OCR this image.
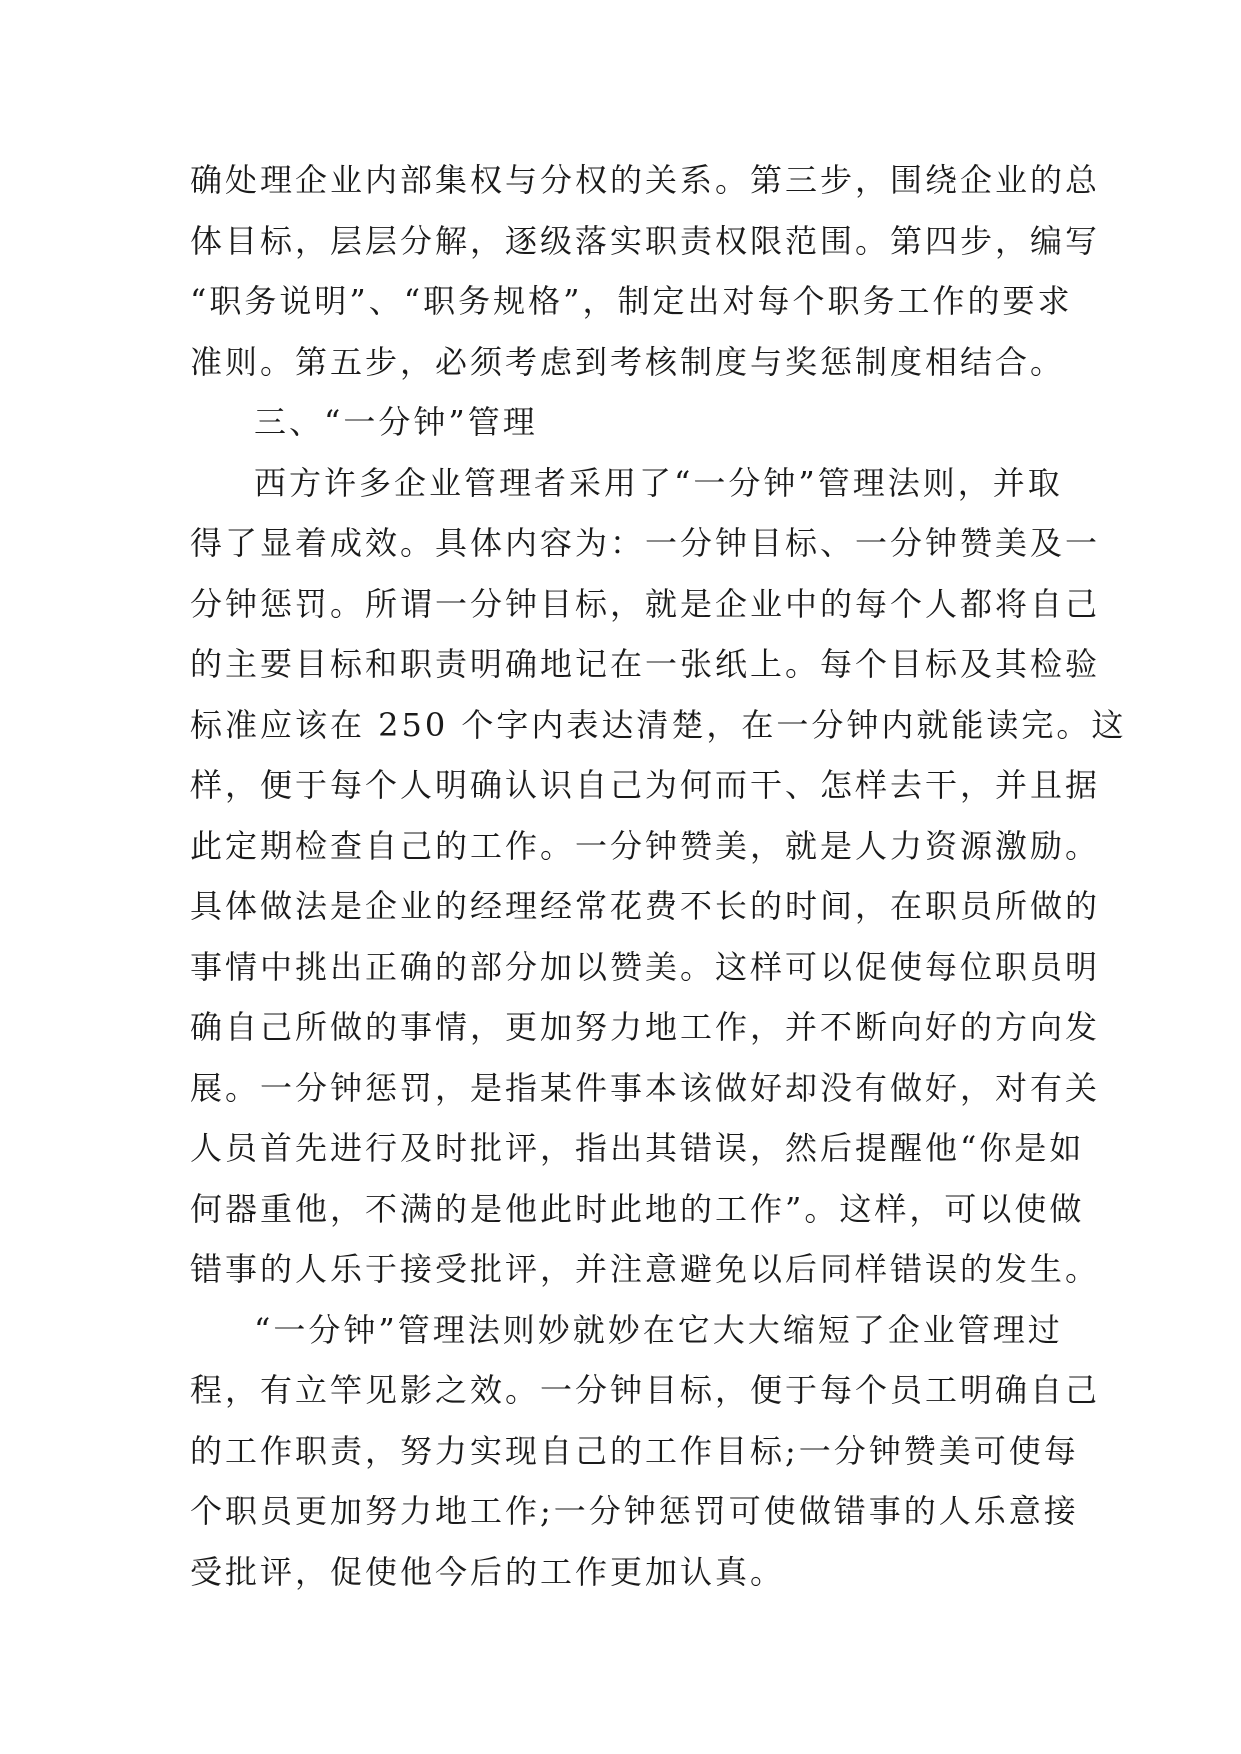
确处理企业内部集权与分权的关系。第三步，围绕企业的总
体目标，层层分解，逐级落实职责权限范围。第四步，编写
“职务说明”、“职务规格”，制定出对每个职务工作的要求
准则。第五步，必须考虑到考核制度与奖惩制度相结合。
三、“一分钟”管理
西方许多企业管理者采用了“一分钟”管理法则，并取
得了显着成效。具体内容为：一分钟目标、一分钟赞美及一
分钟惩罚。所谓一分钟目标，就是企业中的每个人都将自己
的主要目标和职责明确地记在一张纸上。每个目标及其检验
标准应该在 250 个字内表达清楚，在一分钟内就能读完。这
样，便于每个人明确认识自己为何而干、怎样去干，并且据
此定期检查自己的工作。一分钟赞美，就是人力资源激励。
具体做法是企业的经理经常花费不长的时间，在职员所做的
事情中挑出正确的部分加以赞美。这样可以促使每位职员明
确自己所做的事情，更加努力地工作，并不断向好的方向发
展。一分钟惩罚，是指某件事本该做好却没有做好，对有关
人员首先进行及时批评，指出其错误，然后提醒他“你是如
何器重他，不满的是他此时此地的工作”。这样，可以使做
错事的人乐于接受批评，并注意避免以后同样错误的发生。
“一分钟”管理法则妙就妙在它大大缩短了企业管理过
程，有立竿见影之效。一分钟目标，便于每个员工明确自己
的工作职责，努力实现自己的工作目标;一分钟赞美可使每
个职员更加努力地工作;一分钟惩罚可使做错事的人乐意接
受批评，促使他今后的工作更加认真。
